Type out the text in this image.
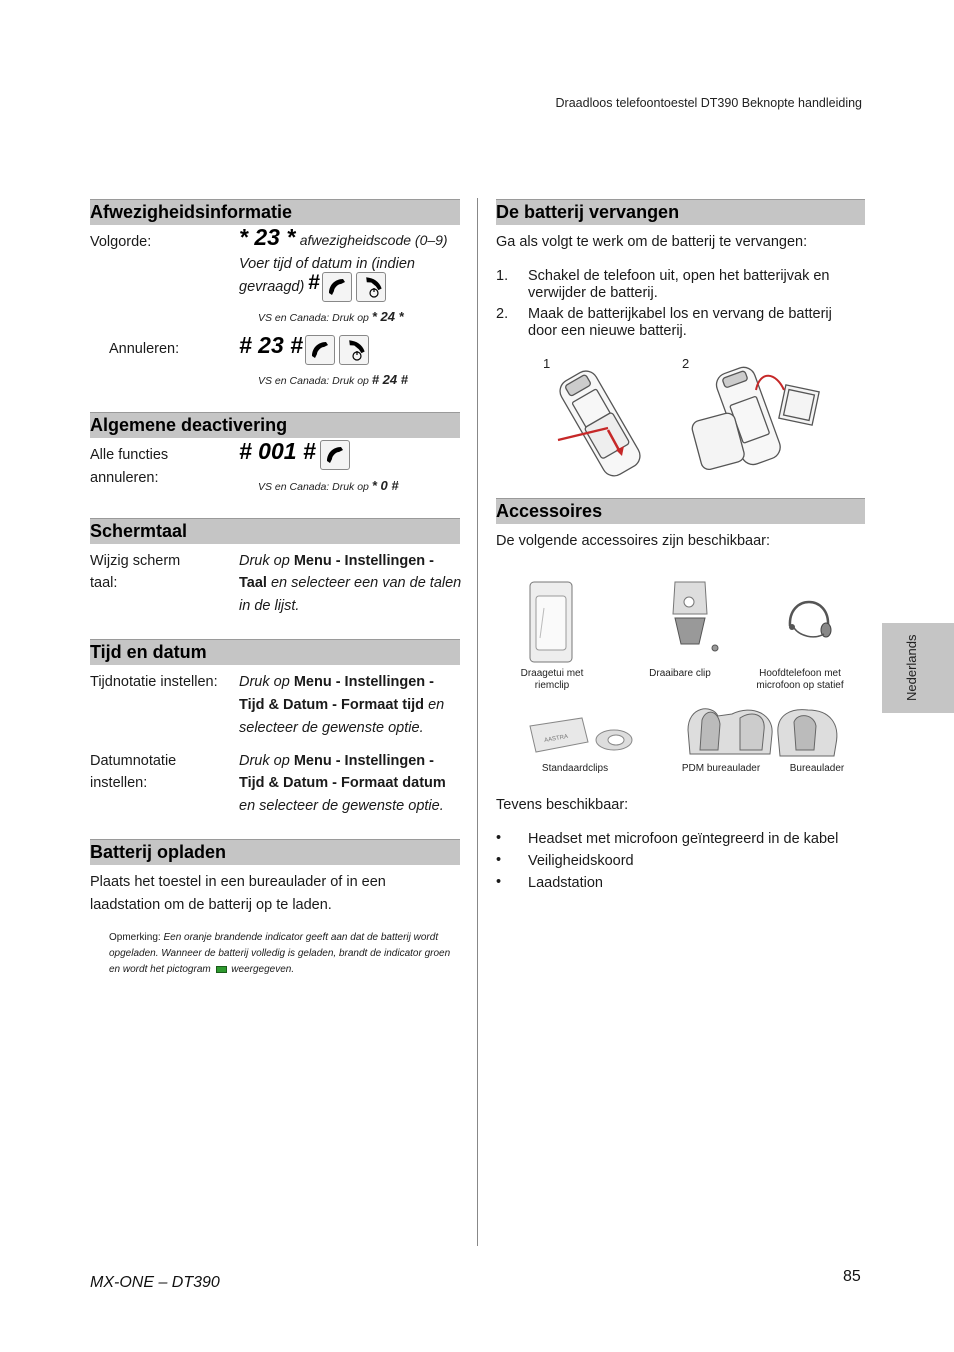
Draadloos telefoontoestel DT390 Beknopte handleiding
Afwezigheidsinformatie
Volgorde:	* 23 * afwezigheidscode (0–9)
Voer tijd of datum in (indien
gevraagd) #
VS en Canada: Druk op * 24 *
Annuleren:	# 23 #
VS en Canada: Druk op # 24 #
Algemene deactivering
Alle functies
annuleren:
# 001 #
VS en Canada: Druk op * 0 #
Schermtaal
Wijzig scherm
taal:
Druk op Menu - Instellingen -
Taal en selecteer een van de talen
in de lijst.
Tijd en datum
Tijdnotatie instellen: Druk op Menu - Instellingen -
Tijd & Datum - Formaat tijd en
selecteer de gewenste optie.
Datumnotatie
instellen:
Druk op Menu - Instellingen -
Tijd & Datum - Formaat datum
en selecteer de gewenste optie.
Batterij opladen
Plaats het toestel in een bureaulader of in een
laadstation om de batterij op te laden.
Opmerking: Een oranje brandende indicator geeft aan dat de batterij wordt
opgeladen. Wanneer de batterij volledig is geladen, brandt de indicator groen
en wordt het pictogram weergegeven.
De batterij vervangen
Ga als volgt te werk om de batterij te vervangen:
1. Schakel de telefoon uit, open het batterijvak en
verwijder de batterij.
2. Maak de batterijkabel los en vervang de batterij
door een nieuwe batterij.
1	2
Accessoires
De volgende accessoires zijn beschikbaar:
Draagetui met
riemclip
Draaibare clip	Hoofdtelefoon met
microfoon op statief
AASTRA
Standaardclips	PDM bureaulader	Bureaulader
Tevens beschikbaar:
• Headset met microfoon geïntegreerd in de kabel
• Veiligheidskoord
• Laadstation
Nederlands
MX-ONE – DT390	85
